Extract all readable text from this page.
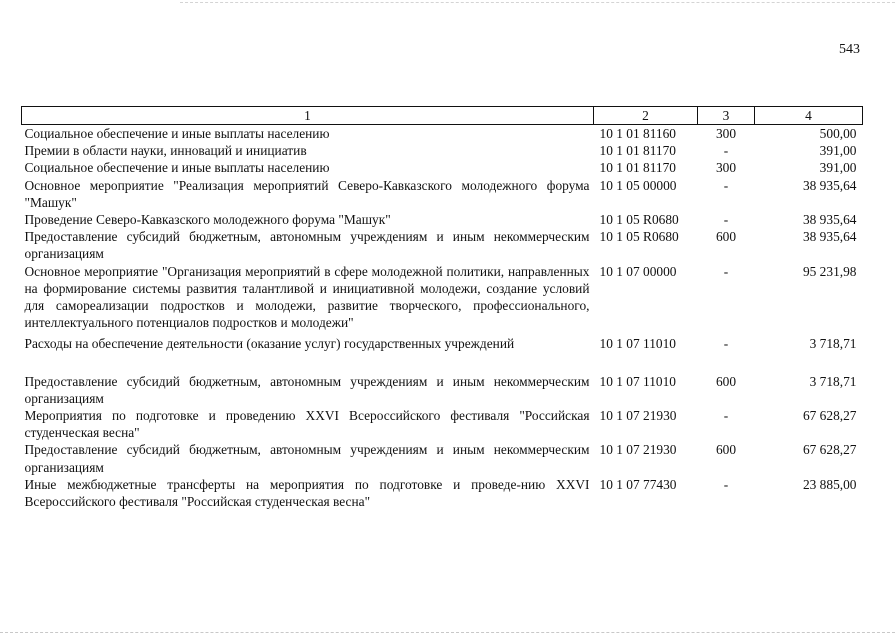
543
1	2	3	4
Социальное обеспечение и иные выплаты населению	10 1 01 81160	300	500,00
Премии в области науки, инноваций и инициатив	10 1 01 81170	-	391,00
Социальное обеспечение и иные выплаты населению	10 1 01 81170	300	391,00
Основное мероприятие "Реализация мероприятий Северо-Кавказского молодежного форума "Машук"	10 1 05 00000	-	38 935,64
Проведение Северо-Кавказского молодежного форума "Машук"	10 1 05 R0680	-	38 935,64
Предоставление субсидий бюджетным, автономным учреждениям и иным некоммерческим организациям	10 1 05 R0680	600	38 935,64
Основное мероприятие "Организация мероприятий в сфере молодежной политики, направленных на формирование системы развития талантливой и инициативной молодежи, создание условий для самореализации подростков и молодежи, развитие творческого, профессионального, интеллектуального потенциалов подростков и молодежи"	10 1 07 00000	-	95 231,98
Расходы на обеспечение деятельности (оказание услуг) государственных учреждений	10 1 07 11010	-	3 718,71
Предоставление субсидий бюджетным, автономным учреждениям и иным некоммерческим организациям	10 1 07 11010	600	3 718,71
Мероприятия по подготовке и проведению XXVI Всероссийского фестиваля "Российская студенческая весна"	10 1 07 21930	-	67 628,27
Предоставление субсидий бюджетным, автономным учреждениям и иным некоммерческим организациям	10 1 07 21930	600	67 628,27
Иные межбюджетные трансферты на мероприятия по подготовке и проведе-нию XXVI Всероссийского фестиваля "Российская студенческая весна"	10 1 07 77430	-	23 885,00
